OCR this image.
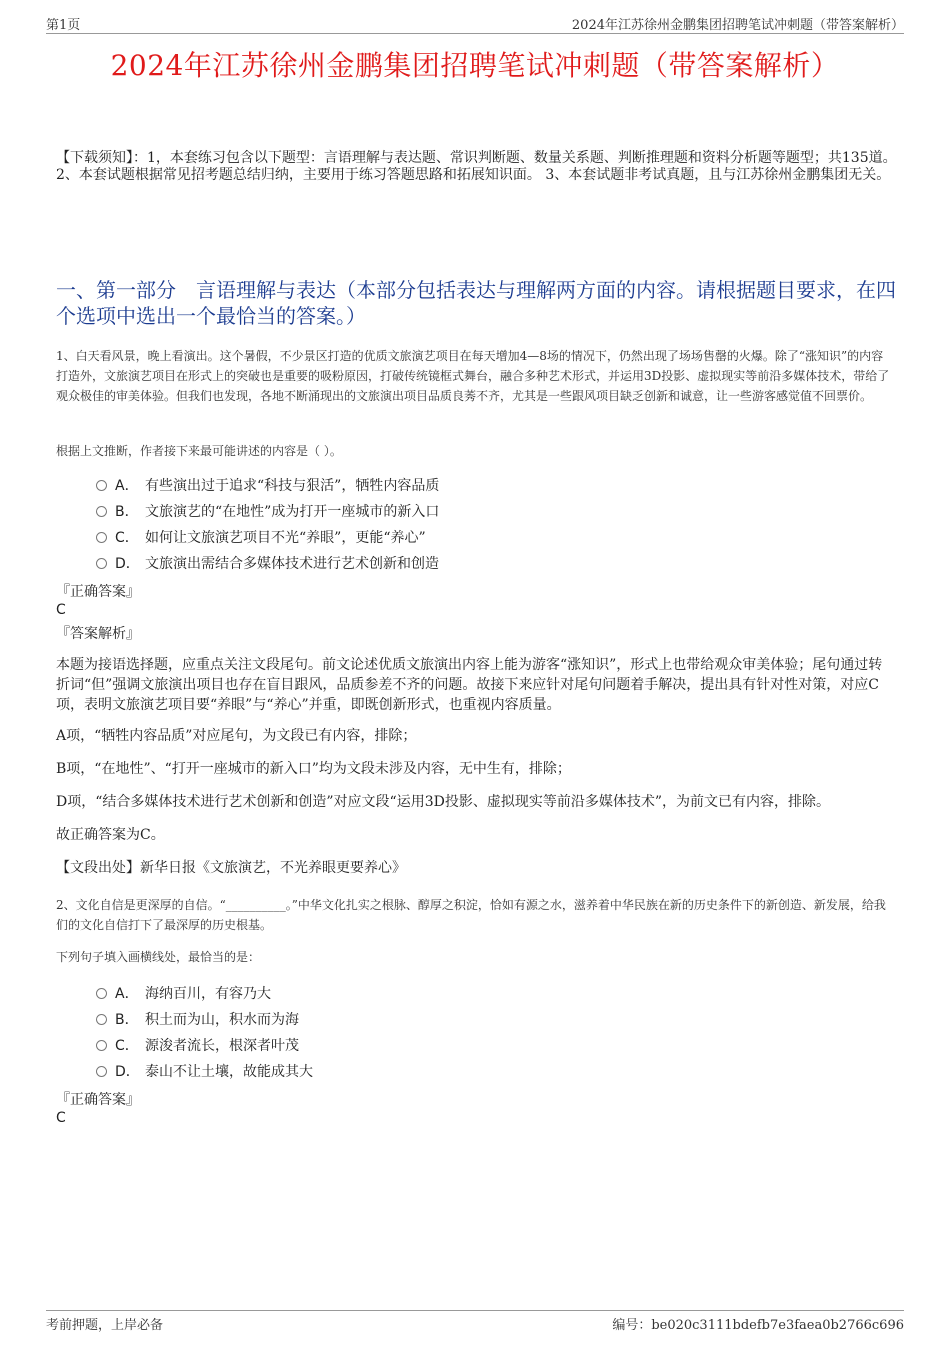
第1页	2024年江苏徐州金鹏集团招聘笔试冲刺题（带答案解析）
2024年江苏徐州金鹏集团招聘笔试冲刺题（带答案解析）
【下载须知】：1，本套练习包含以下题型：言语理解与表达题、常识判断题、数量关系题、判断推理题和资料分析题等题型；共135道。 2、本套试题根据常见招考题总结归纳，主要用于练习答题思路和拓展知识面。 3、本套试题非考试真题，且与江苏徐州金鹏集团无关。
一、第一部分　言语理解与表达（本部分包括表达与理解两方面的内容。请根据题目要求，在四个选项中选出一个最恰当的答案。）
1、白天看风景，晚上看演出。这个暑假，不少景区打造的优质文旅演艺项目在每天增加4—8场的情况下，仍然出现了场场售罄的火爆。除了“涨知识”的内容打造外，文旅演艺项目在形式上的突破也是重要的吸粉原因，打破传统镜框式舞台，融合多种艺术形式，并运用3D投影、虚拟现实等前沿多媒体技术，带给了观众极佳的审美体验。但我们也发现，各地不断涌现出的文旅演出项目品质良莠不齐，尤其是一些跟风项目缺乏创新和诚意，让一些游客感觉值不回票价。
根据上文推断，作者接下来最可能讲述的内容是（ ）。
A． 有些演出过于追求“科技与狠活”，牺牲内容品质
B． 文旅演艺的“在地性”成为打开一座城市的新入口
C． 如何让文旅演艺项目不光“养眼”，更能“养心”
D． 文旅演出需结合多媒体技术进行艺术创新和创造
『正确答案』
C
『答案解析』
本题为接语选择题，应重点关注文段尾句。前文论述优质文旅演出内容上能为游客“涨知识”，形式上也带给观众审美体验；尾句通过转折词“但”强调文旅演出项目也存在盲目跟风，品质参差不齐的问题。故接下来应针对尾句问题着手解决，提出具有针对性对策，对应C项，表明文旅演艺项目要“养眼”与“养心”并重，即既创新形式，也重视内容质量。
A项，“牺牲内容品质”对应尾句，为文段已有内容，排除；
B项，“在地性”、“打开一座城市的新入口”均为文段未涉及内容，无中生有，排除；
D项，“结合多媒体技术进行艺术创新和创造”对应文段“运用3D投影、虚拟现实等前沿多媒体技术”，为前文已有内容，排除。
故正确答案为C。
【文段出处】新华日报《文旅演艺，不光养眼更要养心》
2、文化自信是更深厚的自信。“__________。”中华文化扎实之根脉、醇厚之积淀，恰如有源之水，滋养着中华民族在新的历史条件下的新创造、新发展，给我们的文化自信打下了最深厚的历史根基。
下列句子填入画横线处，最恰当的是：
A． 海纳百川，有容乃大
B． 积土而为山，积水而为海
C． 源浚者流长，根深者叶茂
D． 泰山不让土壤，故能成其大
『正确答案』
C
考前押题，上岸必备	编号：be020c3111bdefb7e3faea0b2766c696
